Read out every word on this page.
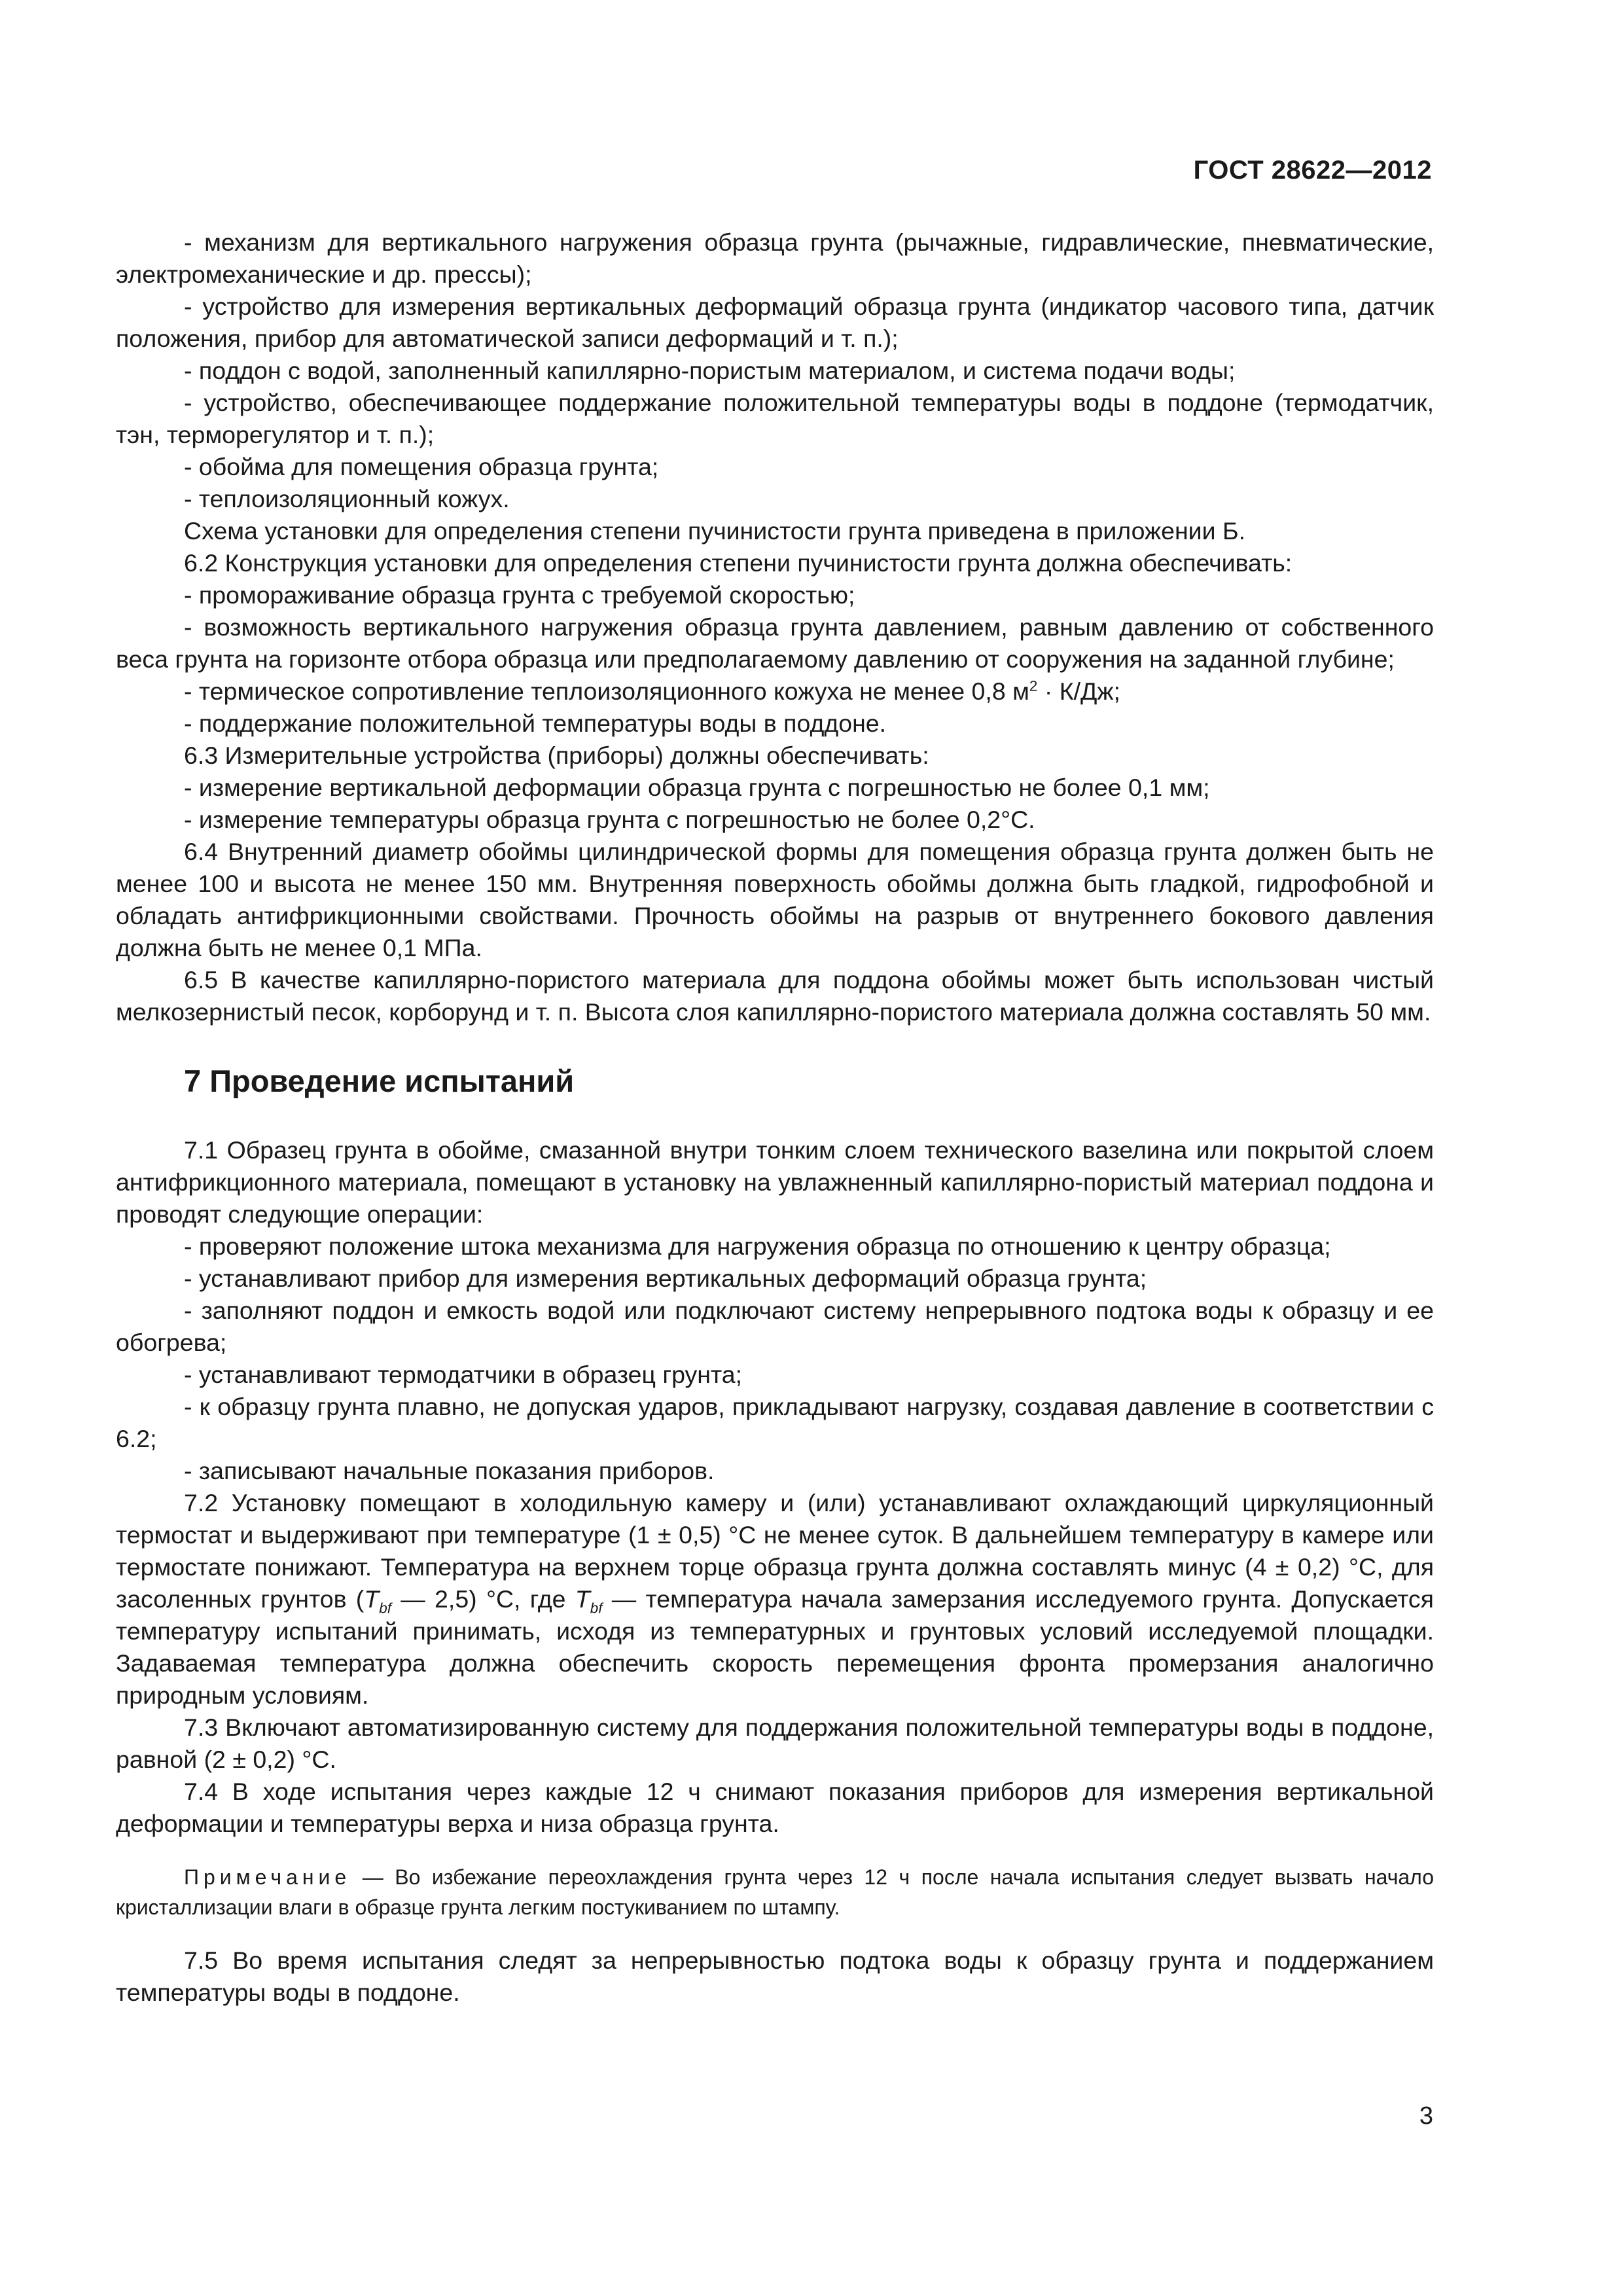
ГОСТ 28622—2012

- механизм для вертикального нагружения образца грунта (рычажные, гидравлические, пневматические, электромеханические и др. прессы);

- устройство для измерения вертикальных деформаций образца грунта (индикатор часового типа, датчик положения, прибор для автоматической записи деформаций и т. п.);

- поддон с водой, заполненный капиллярно-пористым материалом, и система подачи воды;

- устройство, обеспечивающее поддержание положительной температуры воды в поддоне (термодатчик, тэн, терморегулятор и т. п.);

- обойма для помещения образца грунта;

- теплоизоляционный кожух.

Схема установки для определения степени пучинистости грунта приведена в приложении Б.

6.2 Конструкция установки для определения степени пучинистости грунта должна обеспечивать:

- промораживание образца грунта с требуемой скоростью;

- возможность вертикального нагружения образца грунта давлением, равным давлению от собственного веса грунта на горизонте отбора образца или предполагаемому давлению от сооружения на заданной глубине;

- термическое сопротивление теплоизоляционного кожуха не менее 0,8 $м^2 \cdot К/Дж$;

- поддержание положительной температуры воды в поддоне.

6.3 Измерительные устройства (приборы) должны обеспечивать:

- измерение вертикальной деформации образца грунта с погрешностью не более 0,1 мм;

- измерение температуры образца грунта с погрешностью не более 0,2°С.

6.4 Внутренний диаметр обоймы цилиндрической формы для помещения образца грунта должен быть не менее 100 и высота не менее 150 мм. Внутренняя поверхность обоймы должна быть гладкой, гидрофобной и обладать антифрикционными свойствами. Прочность обоймы на разрыв от внутреннего бокового давления должна быть не менее 0,1 МПа.

6.5 В качестве капиллярно-пористого материала для поддона обоймы может быть использован чистый мелкозернистый песок, корборунд и т. п. Высота слоя капиллярно-пористого материала должна составлять 50 мм.

7 Проведение испытаний

7.1 Образец грунта в обойме, смазанной внутри тонким слоем технического вазелина или покрытой слоем антифрикционного материала, помещают в установку на увлажненный капиллярно-пористый материал поддона и проводят следующие операции:

- проверяют положение штока механизма для нагружения образца по отношению к центру образца;

- устанавливают прибор для измерения вертикальных деформаций образца грунта;

- заполняют поддон и емкость водой или подключают систему непрерывного подтока воды к образцу и ее обогрева;

- устанавливают термодатчики в образец грунта;

- к образцу грунта плавно, не допуская ударов, прикладывают нагрузку, создавая давление в соответствии с 6.2;

- записывают начальные показания приборов.

7.2 Установку помещают в холодильную камеру и (или) устанавливают охлаждающий циркуляционный термостат и выдерживают при температуре (1 ± 0,5) °С не менее суток. В дальнейшем температуру в камере или термостате понижают. Температура на верхнем торце образца грунта должна составлять минус (4 ± 0,2) °С, для засоленных грунтов ($T_{bf}$ — 2,5) °С, где $T_{bf}$ — температура начала замерзания исследуемого грунта. Допускается температуру испытаний принимать, исходя из температурных и грунтовых условий исследуемой площадки. Задаваемая температура должна обеспечить скорость перемещения фронта промерзания аналогично природным условиям.

7.3 Включают автоматизированную систему для поддержания положительной температуры воды в поддоне, равной (2 ± 0,2) °С.

7.4 В ходе испытания через каждые 12 ч снимают показания приборов для измерения вертикальной деформации и температуры верха и низа образца грунта.

Примечание — Во избежание переохлаждения грунта через 12 ч после начала испытания следует вызвать начало кристаллизации влаги в образце грунта легким постукиванием по штампу.

7.5 Во время испытания следят за непрерывностью подтока воды к образцу грунта и поддержанием температуры воды в поддоне.

3
